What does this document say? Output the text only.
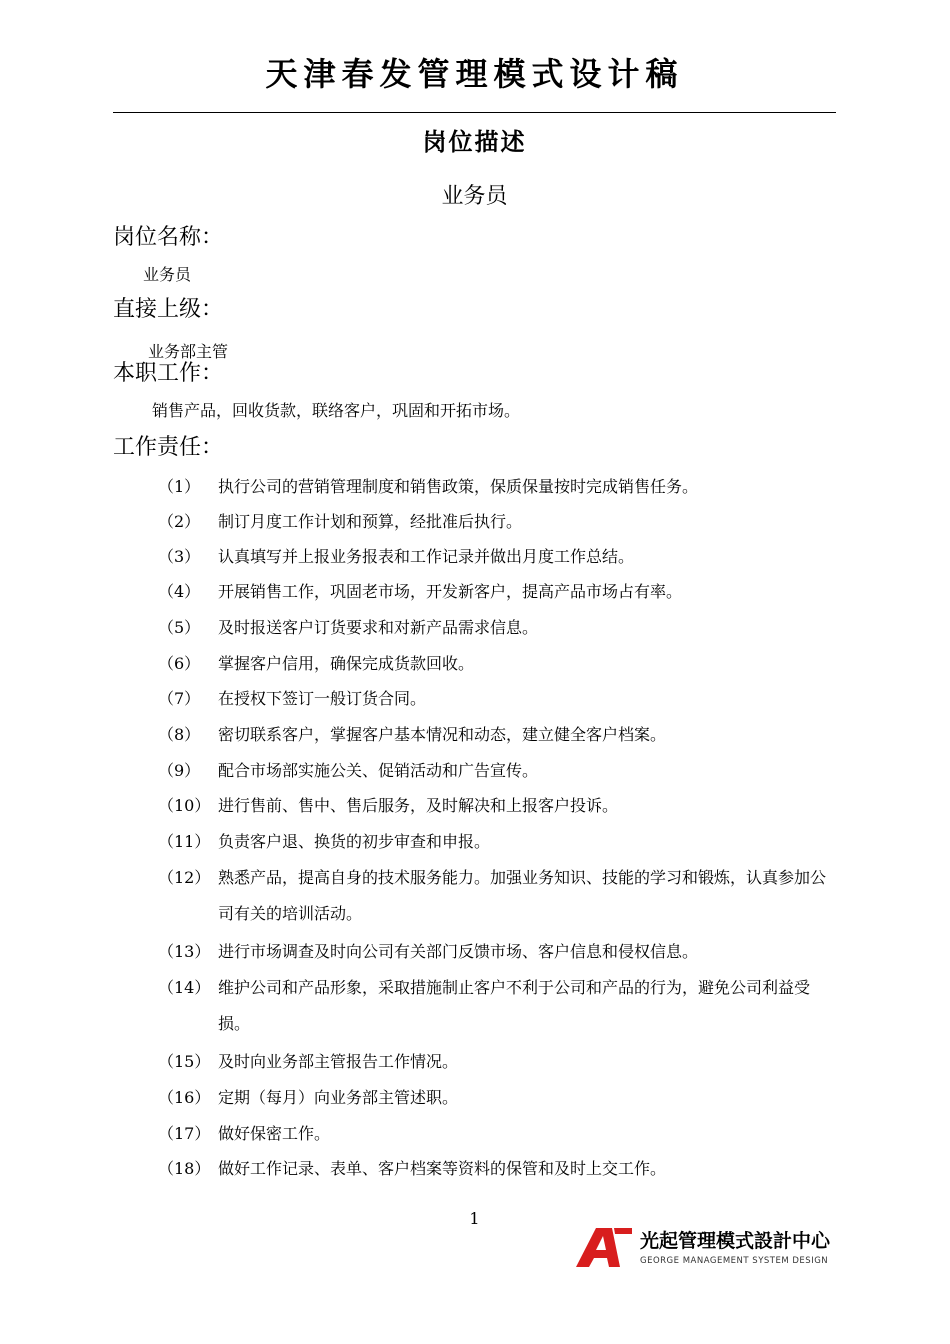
天津春发管理模式设计稿
岗位描述
业务员
岗位名称：
业务员
直接上级：
业务部主管
本职工作：
销售产品，回收货款，联络客户，巩固和开拓市场。
工作责任：
（1） 执行公司的营销管理制度和销售政策，保质保量按时完成销售任务。
（2） 制订月度工作计划和预算，经批准后执行。
（3） 认真填写并上报业务报表和工作记录并做出月度工作总结。
（4） 开展销售工作，巩固老市场，开发新客户，提高产品市场占有率。
（5） 及时报送客户订货要求和对新产品需求信息。
（6） 掌握客户信用，确保完成货款回收。
（7） 在授权下签订一般订货合同。
（8） 密切联系客户，掌握客户基本情况和动态，建立健全客户档案。
（9） 配合市场部实施公关、促销活动和广告宣传。
（10） 进行售前、售中、售后服务，及时解决和上报客户投诉。
（11） 负责客户退、换货的初步审查和申报。
（12） 熟悉产品，提高自身的技术服务能力。加强业务知识、技能的学习和锻炼，认真参加公司有关的培训活动。
（13） 进行市场调查及时向公司有关部门反馈市场、客户信息和侵权信息。
（14） 维护公司和产品形象，采取措施制止客户不利于公司和产品的行为，避免公司利益受损。
（15） 及时向业务部主管报告工作情况。
（16） 定期（每月）向业务部主管述职。
（17） 做好保密工作。
（18） 做好工作记录、表单、客户档案等资料的保管和及时上交工作。
1
光起管理模式設計中心
GEORGE MANAGEMENT SYSTEM DESIGN
